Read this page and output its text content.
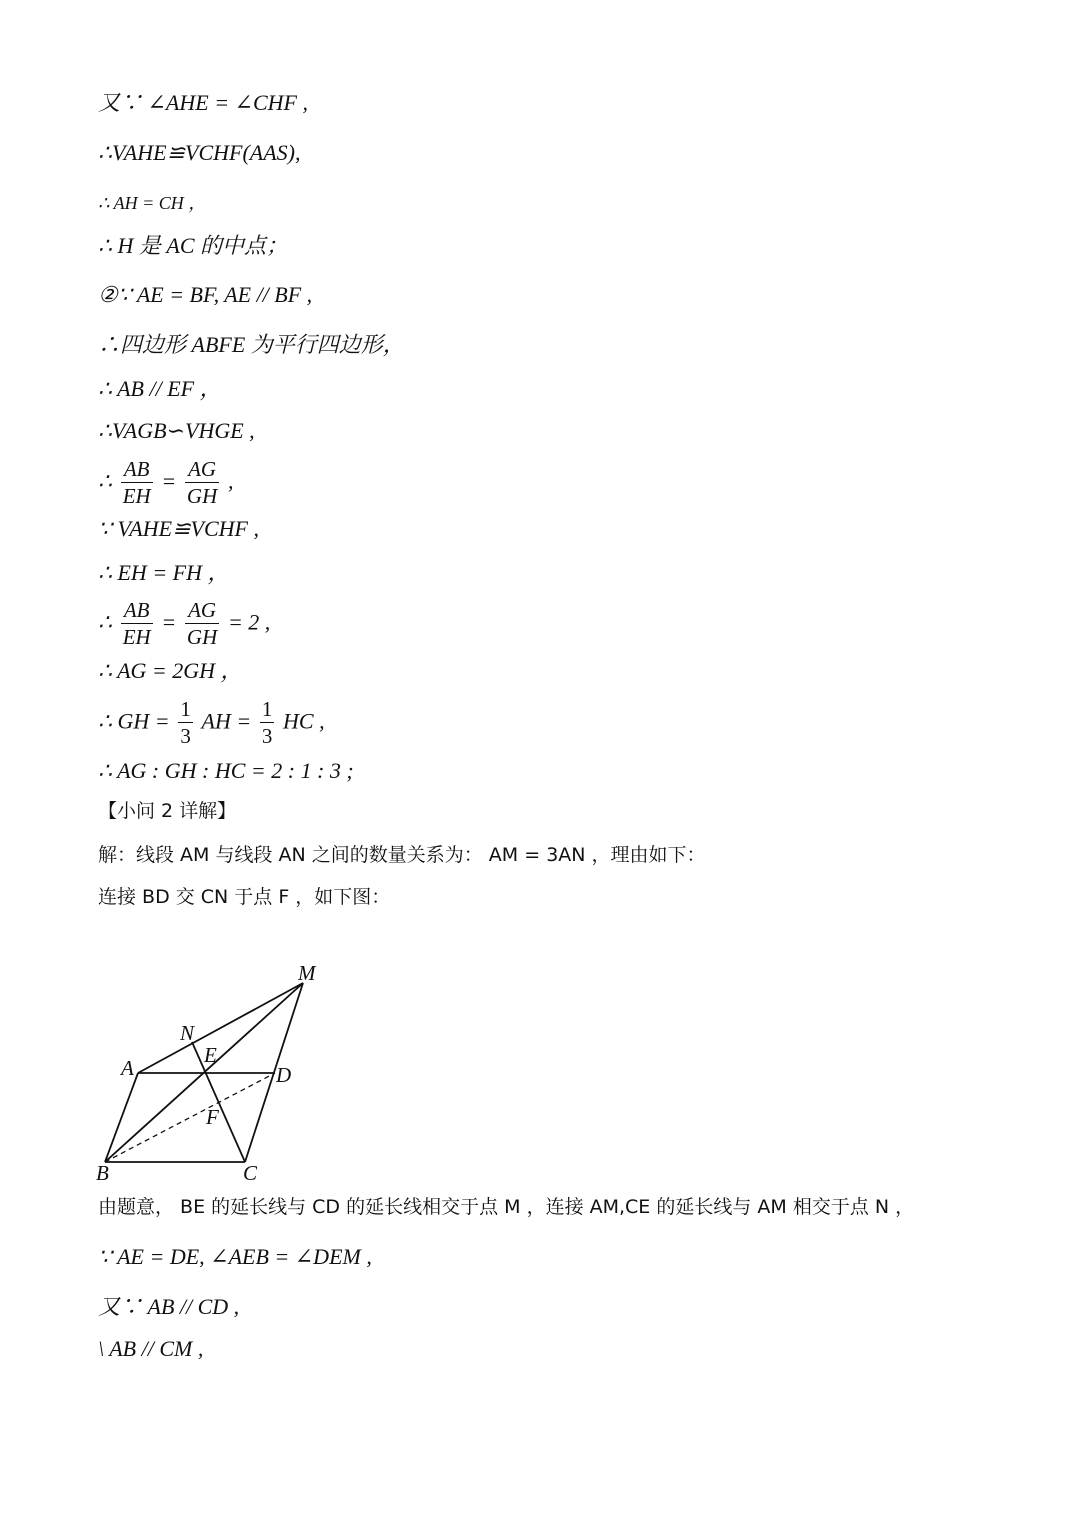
又∵ ∠AHE = ∠CHF ,
∴VAHE≌VCHF(AAS),
∴ AH = CH ，
∴ H 是 AC 的中点；
②∵ AE = BF, AE // BF ,
∴四边形 ABFE 为平行四边形，
∴ AB // EF ，
∴VAGB∽VHGE ,
∴ $\frac{AB}{EH} = \frac{AG}{GH}$ ,
∵ VAHE≌VCHF ,
∴ EH = FH ，
∴ $\frac{AB}{EH} = \frac{AG}{GH} = 2$ ,
∴ AG = 2GH ，
∴ GH = $\frac{1}{3}$ AH = $\frac{1}{3}$ HC ,
∴ AG : GH : HC = 2 : 1 : 3 ;
【小问 2 详解】
解：线段 AM 与线段 AN 之间的数量关系为： AM = 3AN ，理由如下：
连接 BD 交 CN 于点 F ，如下图：
M
N
E
A	D
F
B	C
由题意， BE 的延长线与 CD 的延长线相交于点 M ，连接 AM,CE 的延长线与 AM 相交于点 N ，
∵ AE = DE, ∠AEB = ∠DEM ,
又∵ AB // CD ,
\ AB // CM ,
